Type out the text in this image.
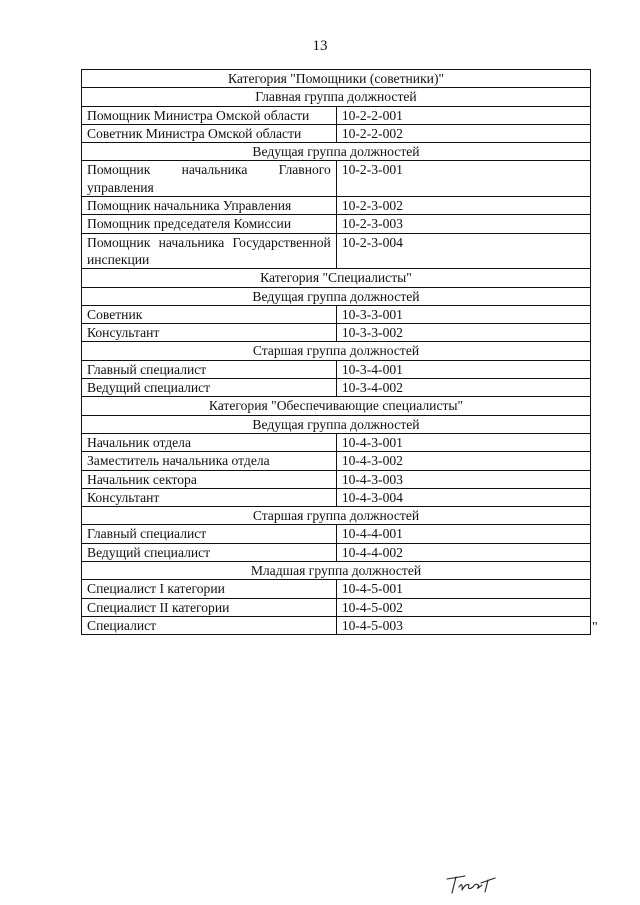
13
Категория "Помощники (советники)"	
Главная группа должностей	
Помощник Министра Омской области	10-2-2-001
Советник Министра Омской области	10-2-2-002
Ведущая группа должностей	
Помощник начальника Главного управления	10-2-3-001
Помощник начальника Управления	10-2-3-002
Помощник председателя Комиссии	10-2-3-003
Помощник начальника Государственной инспекции	10-2-3-004
Категория "Специалисты"	
Ведущая группа должностей	
Советник	10-3-3-001
Консультант	10-3-3-002
Старшая группа должностей	
Главный специалист	10-3-4-001
Ведущий специалист	10-3-4-002
Категория "Обеспечивающие специалисты"	
Ведущая группа должностей	
Начальник отдела	10-4-3-001
Заместитель начальника отдела	10-4-3-002
Начальник сектора	10-4-3-003
Консультант	10-4-3-004
Старшая группа должностей	
Главный специалист	10-4-4-001
Ведущий специалист	10-4-4-002
Младшая группа должностей	
Специалист I категории	10-4-5-001
Специалист II категории	10-4-5-002
Специалист	10-4-5-003	"
